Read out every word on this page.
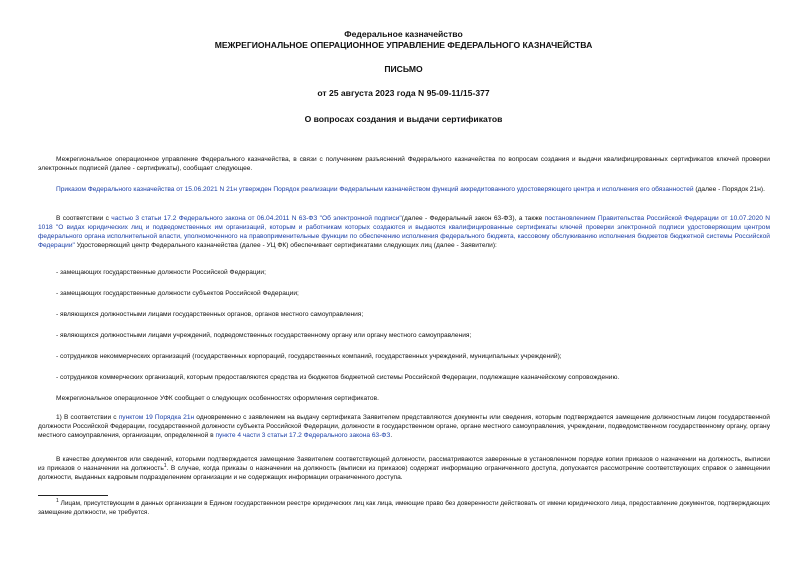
Федеральное казначейство
МЕЖРЕГИОНАЛЬНОЕ ОПЕРАЦИОННОЕ УПРАВЛЕНИЕ ФЕДЕРАЛЬНОГО КАЗНАЧЕЙСТВА
ПИСЬМО
от 25 августа 2023 года N 95-09-11/15-377
О вопросах создания и выдачи сертификатов
Межрегиональное операционное управление Федерального казначейства, в связи с получением разъяснений Федерального казначейства по вопросам создания и выдачи квалифицированных сертификатов ключей проверки электронных подписей (далее - сертификаты), сообщает следующее.
Приказом Федерального казначейства от 15.06.2021 N 21н утвержден Порядок реализации Федеральным казначейством функций аккредитованного удостоверяющего центра и исполнения его обязанностей (далее - Порядок 21н).
В соответствии с частью 3 статьи 17.2 Федерального закона от 06.04.2011 N 63-ФЗ "Об электронной подписи"(далее - Федеральный закон 63-ФЗ), а также постановлением Правительства Российской Федерации от 10.07.2020 N 1018 "О видах юридических лиц и подведомственных им организаций, которым и работникам которых создаются и выдаются квалифицированные сертификаты ключей проверки электронной подписи удостоверяющим центром федерального органа исполнительной власти, уполномоченного на правоприменительные функции по обеспечению исполнения федерального бюджета, кассовому обслуживанию исполнения бюджетов бюджетной системы Российской Федерации" Удостоверяющий центр Федерального казначейства (далее - УЦ ФК) обеспечивает сертификатами следующих лиц (далее - Заявители):
- замещающих государственные должности Российской Федерации;
- замещающих государственные должности субъектов Российской Федерации;
- являющихся должностными лицами государственных органов, органов местного самоуправления;
- являющихся должностными лицами учреждений, подведомственных государственному органу или органу местного самоуправления;
- сотрудников некоммерческих организаций (государственных корпораций, государственных компаний, государственных учреждений, муниципальных учреждений);
- сотрудников коммерческих организаций, которым предоставляются средства из бюджетов бюджетной системы Российской Федерации, подлежащие казначейскому сопровождению.
Межрегиональное операционное УФК сообщает о следующих особенностях оформления сертификатов.
1) В соответствии с пунктом 19 Порядка 21н одновременно с заявлением на выдачу сертификата Заявителем представляются документы или сведения, которым подтверждается замещение должностным лицом государственной должности Российской Федерации, государственной должности субъекта Российской Федерации, должности в государственном органе, органе местного самоуправления, учреждении, подведомственном государственному органу, органу местного самоуправления, организации, определенной в пункте 4 части 3 статьи 17.2 Федерального закона 63-ФЗ.
В качестве документов или сведений, которыми подтверждается замещение Заявителем соответствующей должности, рассматриваются заверенные в установленном порядке копии приказов о назначении на должность, выписки из приказов о назначении на должность$^1$. В случае, когда приказы о назначении на должность (выписки из приказов) содержат информацию ограниченного доступа, допускается рассмотрение соответствующих справок о замещении должности, выданных кадровым подразделением организации и не содержащих информации ограниченного доступа.
$^1$ Лицам, присутствующим в данных организации в Едином государственном реестре юридических лиц как лица, имеющие право без доверенности действовать от имени юридического лица, предоставление документов, подтверждающих замещение должности, не требуется.
